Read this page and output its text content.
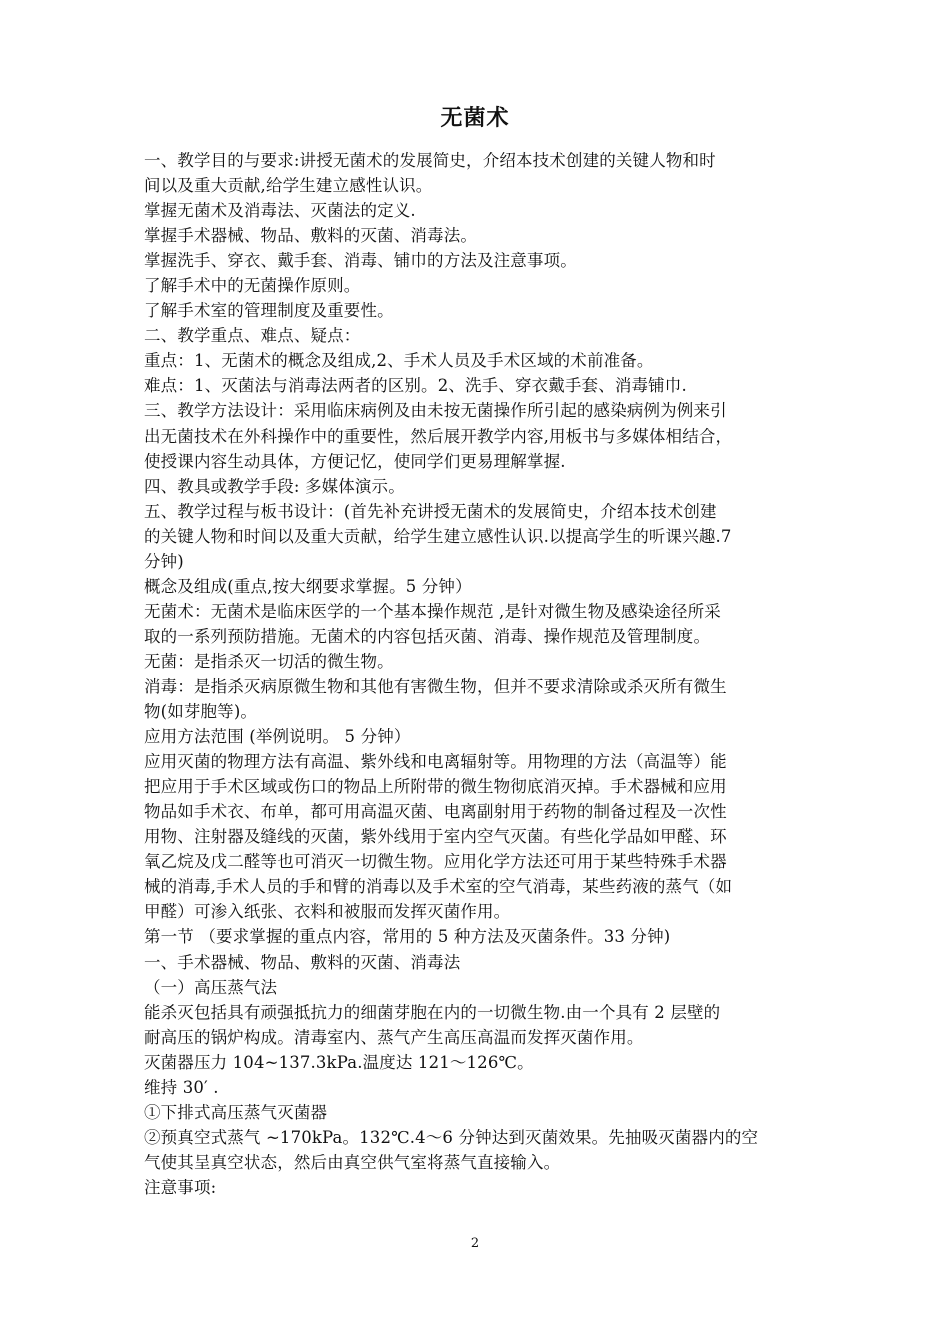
无菌术
一、教学目的与要求:讲授无菌术的发展简史，介绍本技术创建的关键人物和时
间以及重大贡献,给学生建立感性认识。
掌握无菌术及消毒法、灭菌法的定义.
掌握手术器械、物品、敷料的灭菌、消毒法。
掌握洗手、穿衣、戴手套、消毒、铺巾的方法及注意事项。
了解手术中的无菌操作原则。
了解手术室的管理制度及重要性。
二、教学重点、难点、疑点：
重点：1、无菌术的概念及组成,2、手术人员及手术区域的术前准备。
难点：1、灭菌法与消毒法两者的区别。2、洗手、穿衣戴手套、消毒铺巾.
三、教学方法设计：采用临床病例及由未按无菌操作所引起的感染病例为例来引
出无菌技术在外科操作中的重要性，然后展开教学内容,用板书与多媒体相结合，
使授课内容生动具体，方便记忆，使同学们更易理解掌握.
四、教具或教学手段: 多媒体演示。
五、教学过程与板书设计：(首先补充讲授无菌术的发展简史，介绍本技术创建
的关键人物和时间以及重大贡献，给学生建立感性认识.以提高学生的听课兴趣.7
分钟)
概念及组成(重点,按大纲要求掌握。5 分钟）
无菌术：无菌术是临床医学的一个基本操作规范 ,是针对微生物及感染途径所采
取的一系列预防措施。无菌术的内容包括灭菌、消毒、操作规范及管理制度。
无菌：是指杀灭一切活的微生物。
消毒：是指杀灭病原微生物和其他有害微生物，但并不要求清除或杀灭所有微生
物(如芽胞等)。
应用方法范围 (举例说明。 5 分钟）
应用灭菌的物理方法有高温、紫外线和电离辐射等。用物理的方法（高温等）能
把应用于手术区域或伤口的物品上所附带的微生物彻底消灭掉。手术器械和应用
物品如手术衣、布单，都可用高温灭菌、电离副射用于药物的制备过程及一次性
用物、注射器及缝线的灭菌，紫外线用于室内空气灭菌。有些化学品如甲醛、环
氧乙烷及戊二醛等也可消灭一切微生物。应用化学方法还可用于某些特殊手术器
械的消毒,手术人员的手和臂的消毒以及手术室的空气消毒，某些药液的蒸气（如
甲醛）可渗入纸张、衣料和被服而发挥灭菌作用。
第一节 （要求掌握的重点内容，常用的 5 种方法及灭菌条件。33 分钟)
一、手术器械、物品、敷料的灭菌、消毒法
（一）高压蒸气法
能杀灭包括具有顽强抵抗力的细菌芽胞在内的一切微生物.由一个具有 2 层壁的
耐高压的锅炉构成。清毒室内、蒸气产生高压高温而发挥灭菌作用。
灭菌器压力 104~137.3kPa.温度达 121～126℃。
维持 30′ .
①下排式高压蒸气灭菌器
②预真空式蒸气 ~170kPa。132℃.4～6 分钟达到灭菌效果。先抽吸灭菌器内的空
气使其呈真空状态，然后由真空供气室将蒸气直接输入。
注意事项:
2
